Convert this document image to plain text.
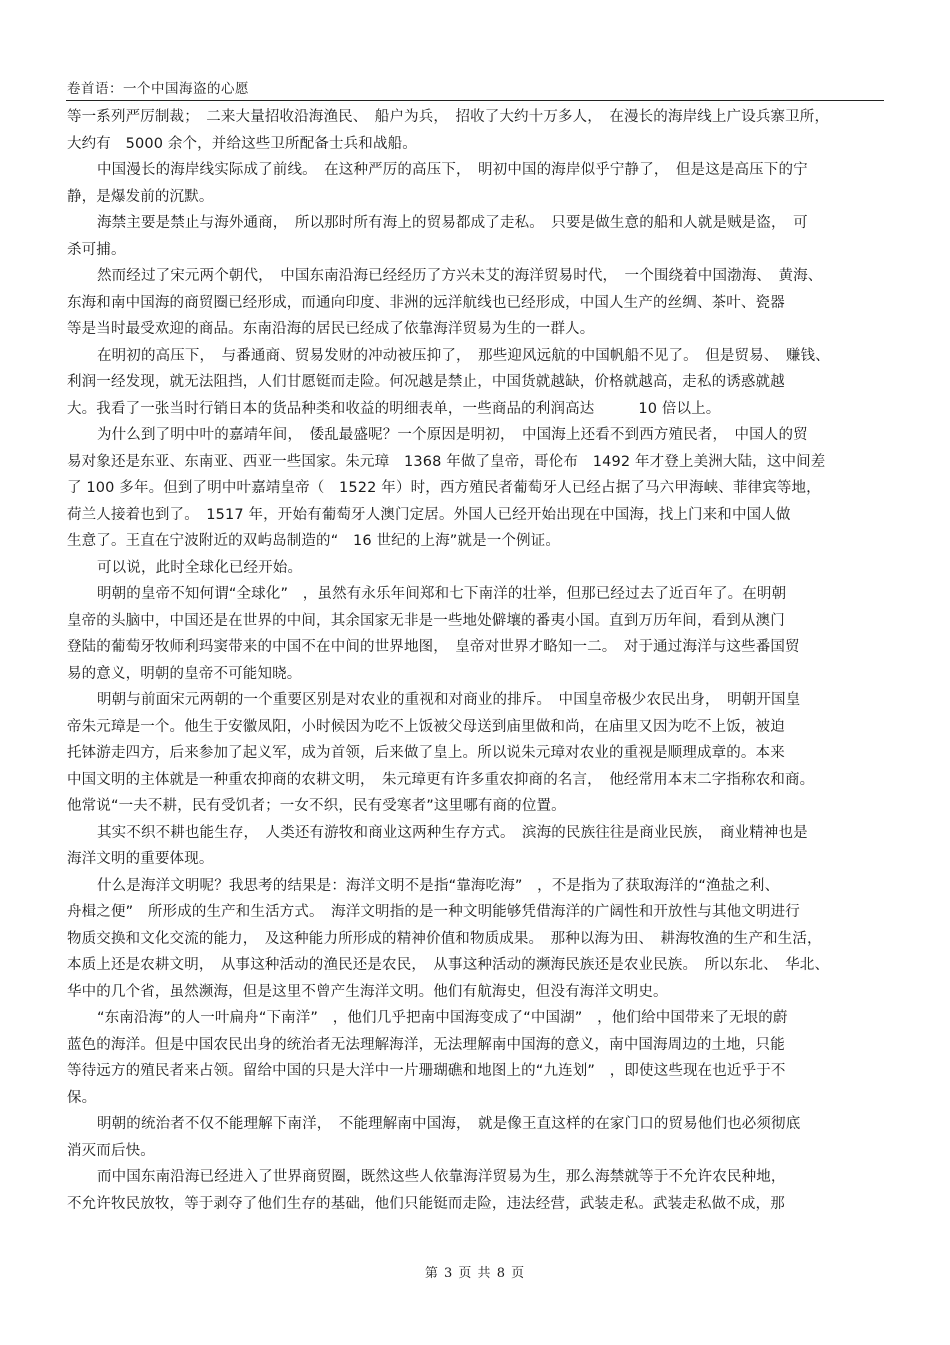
卷首语：一个中国海盗的心愿
等一系列严厉制裁；　二来大量招收沿海渔民、　船户为兵，　招收了大约十万多人，　在漫长的海岸线上广设兵寨卫所，
大约有　5000 余个，并给这些卫所配备士兵和战船。
中国漫长的海岸线实际成了前线。　在这种严厉的高压下，　明初中国的海岸似乎宁静了，　但是这是高压下的宁
静，是爆发前的沉默。
海禁主要是禁止与海外通商，　所以那时所有海上的贸易都成了走私。　只要是做生意的船和人就是贼是盗，　可
杀可捕。
然而经过了宋元两个朝代，　中国东南沿海已经经历了方兴未艾的海洋贸易时代，　一个围绕着中国渤海、　黄海、
东海和南中国海的商贸圈已经形成，而通向印度、非洲的远洋航线也已经形成，中国人生产的丝绸、茶叶、瓷器
等是当时最受欢迎的商品。东南沿海的居民已经成了依靠海洋贸易为生的一群人。
在明初的高压下，　与番通商、贸易发财的冲动被压抑了，　那些迎风远航的中国帆船不见了。　但是贸易、　赚钱、
利润一经发现，就无法阻挡，人们甘愿铤而走险。何况越是禁止，中国货就越缺，价格就越高，走私的诱惑就越
大。我看了一张当时行销日本的货品种类和收益的明细表单，一些商品的利润高达　　　10 倍以上。
为什么到了明中叶的嘉靖年间，　倭乱最盛呢？一个原因是明初，　中国海上还看不到西方殖民者，　中国人的贸
易对象还是东亚、东南亚、西亚一些国家。朱元璋　1368 年做了皇帝，哥伦布　1492 年才登上美洲大陆，这中间差
了 100 多年。但到了明中叶嘉靖皇帝（　1522 年）时，西方殖民者葡萄牙人已经占据了马六甲海峡、菲律宾等地，
荷兰人接着也到了。　1517 年，开始有葡萄牙人澳门定居。外国人已经开始出现在中国海，找上门来和中国人做
生意了。王直在宁波附近的双屿岛制造的“　16 世纪的上海”就是一个例证。
可以说，此时全球化已经开始。
明朝的皇帝不知何谓“全球化”　，虽然有永乐年间郑和七下南洋的壮举，但那已经过去了近百年了。在明朝
皇帝的头脑中，中国还是在世界的中间，其余国家无非是一些地处僻壤的番夷小国。直到万历年间，看到从澳门
登陆的葡萄牙牧师利玛窦带来的中国不在中间的世界地图，　皇帝对世界才略知一二。　对于通过海洋与这些番国贸
易的意义，明朝的皇帝不可能知晓。
明朝与前面宋元两朝的一个重要区别是对农业的重视和对商业的排斥。　中国皇帝极少农民出身，　明朝开国皇
帝朱元璋是一个。他生于安徽凤阳，小时候因为吃不上饭被父母送到庙里做和尚，在庙里又因为吃不上饭，被迫
托钵游走四方，后来参加了起义军，成为首领，后来做了皇上。所以说朱元璋对农业的重视是顺理成章的。本来
中国文明的主体就是一种重农抑商的农耕文明，　朱元璋更有许多重农抑商的名言，　他经常用本末二字指称农和商。
他常说“一夫不耕，民有受饥者；一女不织，民有受寒者”这里哪有商的位置。
其实不织不耕也能生存，　人类还有游牧和商业这两种生存方式。　滨海的民族往往是商业民族，　商业精神也是
海洋文明的重要体现。
什么是海洋文明呢？我思考的结果是：海洋文明不是指“靠海吃海”　，不是指为了获取海洋的“渔盐之利、
舟楫之便”　所形成的生产和生活方式。　海洋文明指的是一种文明能够凭借海洋的广阔性和开放性与其他文明进行
物质交换和文化交流的能力，　及这种能力所形成的精神价值和物质成果。　那种以海为田、　耕海牧渔的生产和生活，
本质上还是农耕文明，　从事这种活动的渔民还是农民，　从事这种活动的濒海民族还是农业民族。　所以东北、　华北、
华中的几个省，虽然濒海，但是这里不曾产生海洋文明。他们有航海史，但没有海洋文明史。
“东南沿海”的人一叶扁舟“下南洋”　，他们几乎把南中国海变成了“中国湖”　，他们给中国带来了无垠的蔚
蓝色的海洋。但是中国农民出身的统治者无法理解海洋，无法理解南中国海的意义，南中国海周边的土地，只能
等待远方的殖民者来占领。留给中国的只是大洋中一片珊瑚礁和地图上的“九连划”　，即使这些现在也近乎于不
保。
明朝的统治者不仅不能理解下南洋，　不能理解南中国海，　就是像王直这样的在家门口的贸易他们也必须彻底
消灭而后快。
而中国东南沿海已经进入了世界商贸圈，既然这些人依靠海洋贸易为生，那么海禁就等于不允许农民种地，
不允许牧民放牧，等于剥夺了他们生存的基础，他们只能铤而走险，违法经营，武装走私。武装走私做不成，那
第 3 页 共 8 页
